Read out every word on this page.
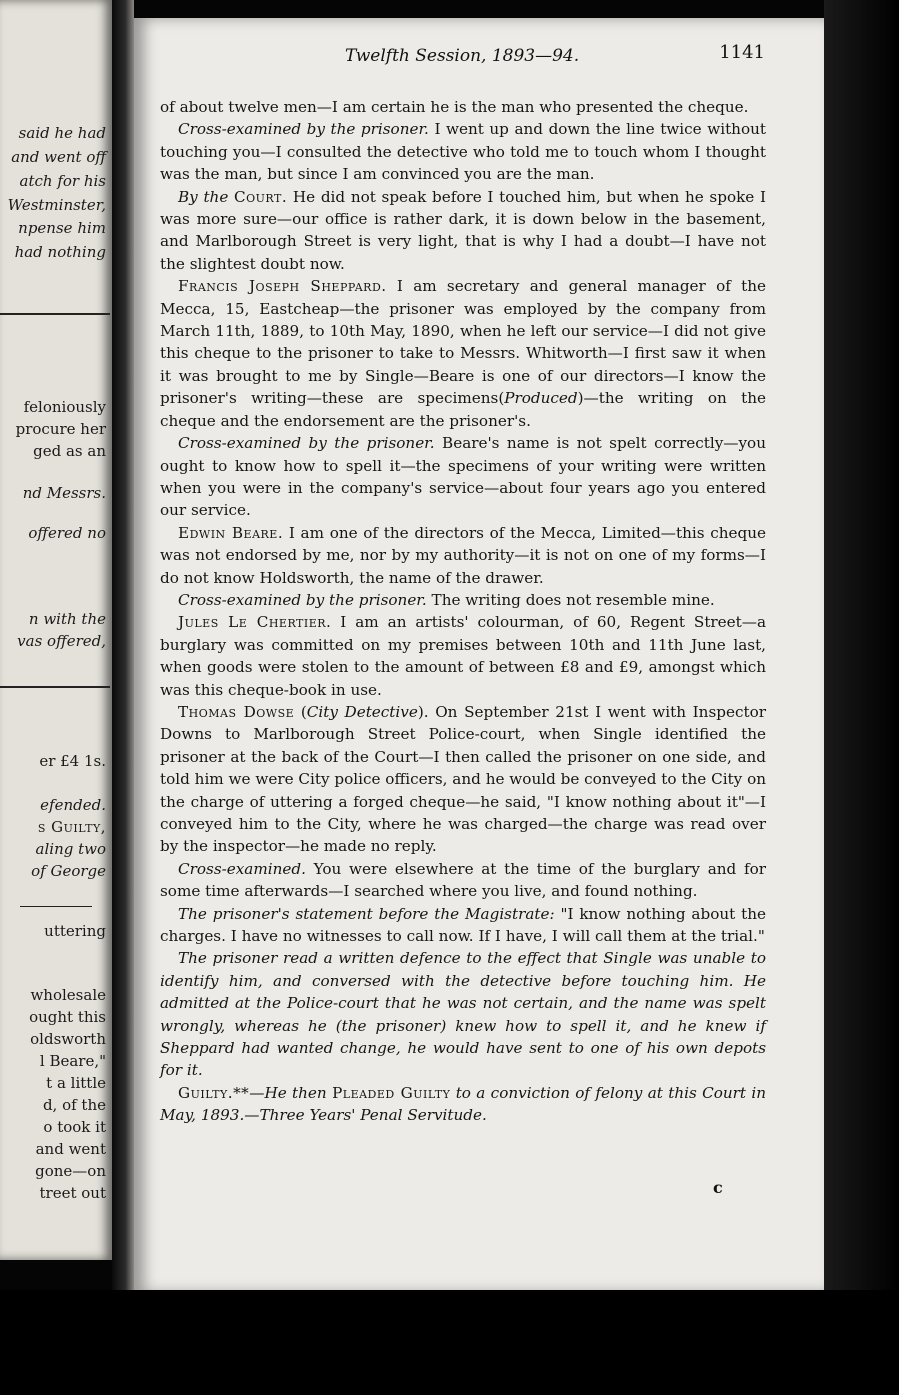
said he had
and went off
atch for his
Westminster,
npense him
had nothing
feloniously
procure her
ged as an
nd Messrs.
offered no
n with the
vas offered,
er £4 1s.
efended.
s Guilty,
aling two
of George
uttering
wholesale
ought this
oldsworth
l Beare,"
t a little
d, of the
o took it
and went
gone—on
treet out
Twelfth Session, 1893—94.	1141

of about twelve men—I am certain he is the man who presented the cheque.

Cross-examined by the prisoner. I went up and down the line twice without touching you—I consulted the detective who told me to touch whom I thought was the man, but since I am convinced you are the man.

By the Court. He did not speak before I touched him, but when he spoke I was more sure—our office is rather dark, it is down below in the basement, and Marlborough Street is very light, that is why I had a doubt—I have not the slightest doubt now.

Francis Joseph Sheppard. I am secretary and general manager of the Mecca, 15, Eastcheap—the prisoner was employed by the company from March 11th, 1889, to 10th May, 1890, when he left our service—I did not give this cheque to the prisoner to take to Messrs. Whitworth—I first saw it when it was brought to me by Single—Beare is one of our directors—I know the prisoner's writing—these are specimens(Produced)—the writing on the cheque and the endorsement are the prisoner's.

Cross-examined by the prisoner. Beare's name is not spelt correctly—you ought to know how to spell it—the specimens of your writing were written when you were in the company's service—about four years ago you entered our service.

Edwin Beare. I am one of the directors of the Mecca, Limited—this cheque was not endorsed by me, nor by my authority—it is not on one of my forms—I do not know Holdsworth, the name of the drawer.

Cross-examined by the prisoner. The writing does not resemble mine.

Jules Le Chertier. I am an artists' colourman, of 60, Regent Street—a burglary was committed on my premises between 10th and 11th June last, when goods were stolen to the amount of between £8 and £9, amongst which was this cheque-book in use.

Thomas Dowse (City Detective). On September 21st I went with Inspector Downs to Marlborough Street Police-court, when Single identified the prisoner at the back of the Court—I then called the prisoner on one side, and told him we were City police officers, and he would be conveyed to the City on the charge of uttering a forged cheque—he said, "I know nothing about it"—I conveyed him to the City, where he was charged—the charge was read over by the inspector—he made no reply.

Cross-examined. You were elsewhere at the time of the burglary and for some time afterwards—I searched where you live, and found nothing.

The prisoner's statement before the Magistrate: "I know nothing about the charges. I have no witnesses to call now. If I have, I will call them at the trial."

The prisoner read a written defence to the effect that Single was unable to identify him, and conversed with the detective before touching him. He admitted at the Police-court that he was not certain, and the name was spelt wrongly, whereas he (the prisoner) knew how to spell it, and he knew if Sheppard had wanted change, he would have sent to one of his own depots for it.

Guilty.**—He then Pleaded Guilty to a conviction of felony at this Court in May, 1893.—Three Years' Penal Servitude.

c
